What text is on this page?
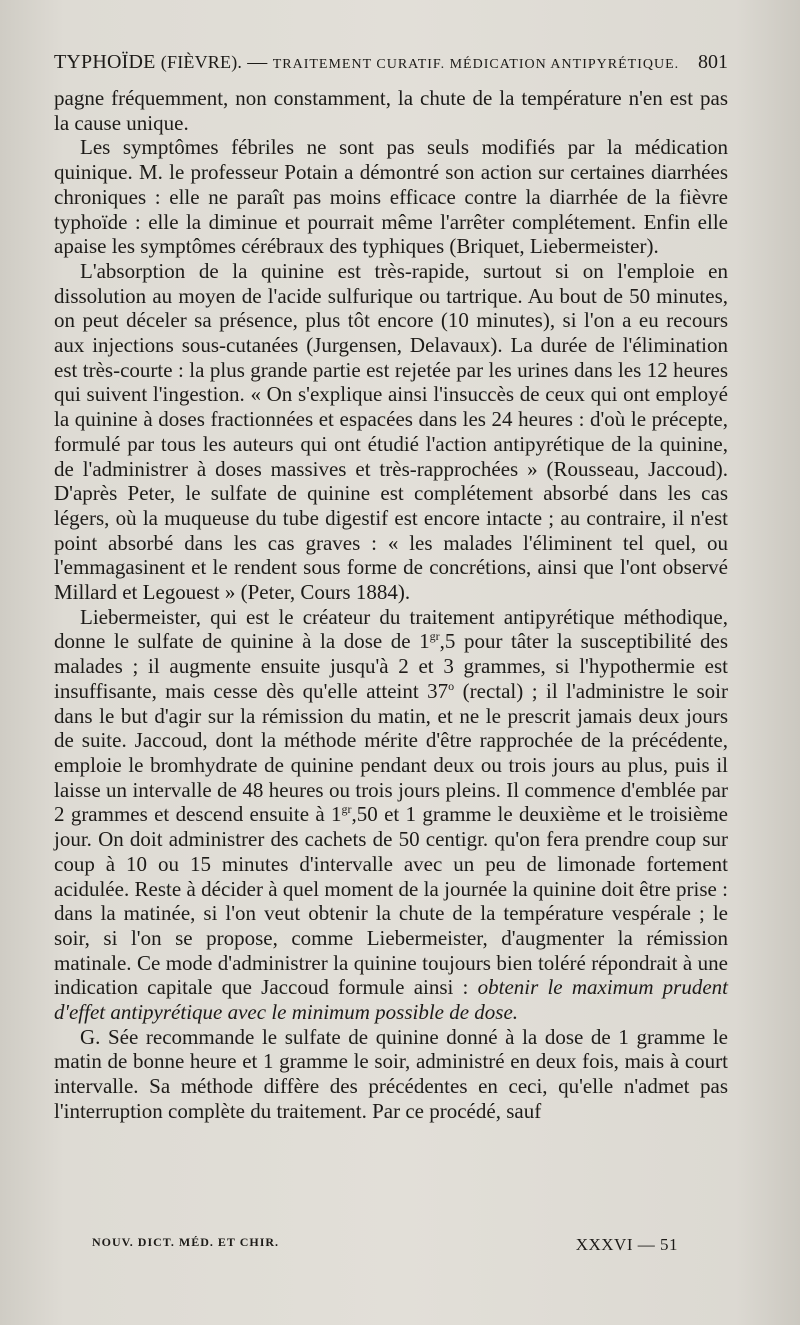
TYPHOÏDE (FIÈVRE). — TRAITEMENT CURATIF. MÉDICATION ANTIPYRÉTIQUE. 801

pagne fréquemment, non constamment, la chute de la température n'en est pas la cause unique.

Les symptômes fébriles ne sont pas seuls modifiés par la médication quinique. M. le professeur Potain a démontré son action sur certaines diarrhées chroniques : elle ne paraît pas moins efficace contre la diarrhée de la fièvre typhoïde : elle la diminue et pourrait même l'arrêter complétement. Enfin elle apaise les symptômes cérébraux des typhiques (Briquet, Liebermeister).

L'absorption de la quinine est très-rapide, surtout si on l'emploie en dissolution au moyen de l'acide sulfurique ou tartrique. Au bout de 50 minutes, on peut déceler sa présence, plus tôt encore (10 minutes), si l'on a eu recours aux injections sous-cutanées (Jurgensen, Delavaux). La durée de l'élimination est très-courte : la plus grande partie est rejetée par les urines dans les 12 heures qui suivent l'ingestion. « On s'explique ainsi l'insuccès de ceux qui ont employé la quinine à doses fractionnées et espacées dans les 24 heures : d'où le précepte, formulé par tous les auteurs qui ont étudié l'action antipyrétique de la quinine, de l'administrer à doses massives et très-rapprochées » (Rousseau, Jaccoud). D'après Peter, le sulfate de quinine est complétement absorbé dans les cas légers, où la muqueuse du tube digestif est encore intacte ; au contraire, il n'est point absorbé dans les cas graves : « les malades l'éliminent tel quel, ou l'emmagasinent et le rendent sous forme de concrétions, ainsi que l'ont observé Millard et Legouest » (Peter, Cours 1884).

Liebermeister, qui est le créateur du traitement antipyrétique méthodique, donne le sulfate de quinine à la dose de $1^{gr},5$ pour tâter la susceptibilité des malades ; il augmente ensuite jusqu'à 2 et 3 grammes, si l'hypothermie est insuffisante, mais cesse dès qu'elle atteint 37$^o$ (rectal) ; il l'administre le soir dans le but d'agir sur la rémission du matin, et ne le prescrit jamais deux jours de suite. Jaccoud, dont la méthode mérite d'être rapprochée de la précédente, emploie le bromhydrate de quinine pendant deux ou trois jours au plus, puis il laisse un intervalle de 48 heures ou trois jours pleins. Il commence d'emblée par 2 grammes et descend ensuite à $1^{gr},50$ et 1 gramme le deuxième et le troisième jour. On doit administrer des cachets de 50 centigr. qu'on fera prendre coup sur coup à 10 ou 15 minutes d'intervalle avec un peu de limonade fortement acidulée. Reste à décider à quel moment de la journée la quinine doit être prise : dans la matinée, si l'on veut obtenir la chute de la température vespérale ; le soir, si l'on se propose, comme Liebermeister, d'augmenter la rémission matinale. Ce mode d'administrer la quinine toujours bien toléré répondrait à une indication capitale que Jaccoud formule ainsi : obtenir le maximum prudent d'effet antipyrétique avec le minimum possible de dose.

G. Sée recommande le sulfate de quinine donné à la dose de 1 gramme le matin de bonne heure et 1 gramme le soir, administré en deux fois, mais à court intervalle. Sa méthode diffère des précédentes en ceci, qu'elle n'admet pas l'interruption complète du traitement. Par ce procédé, sauf

NOUV. DICT. MÉD. ET CHIR.	XXXVI — 51
